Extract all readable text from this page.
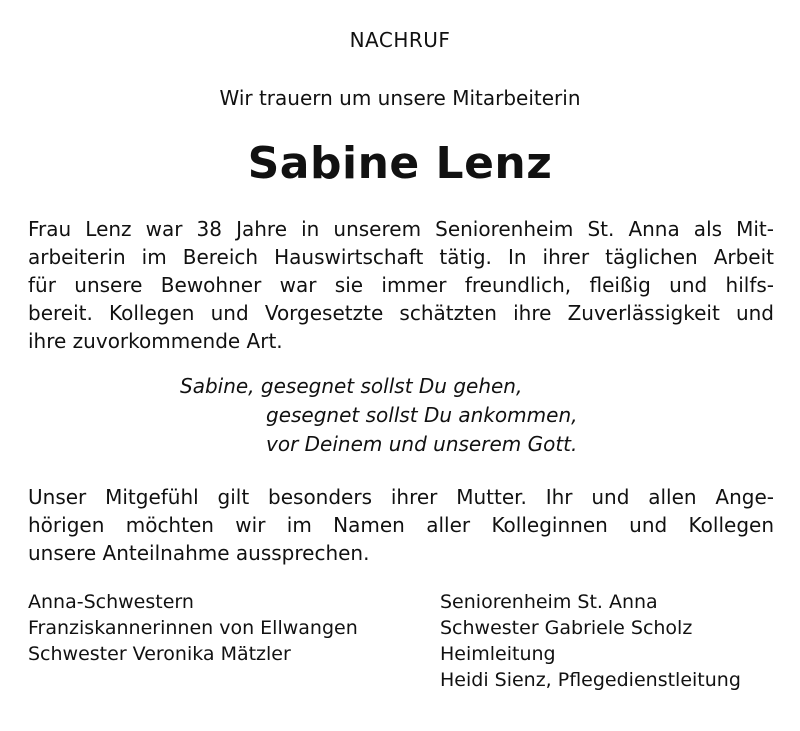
NACHRUF
Wir trauern um unsere Mitarbeiterin
Sabine Lenz
Frau Lenz war 38 Jahre in unserem Seniorenheim St. Anna als Mit-
arbeiterin im Bereich Hauswirtschaft tätig. In ihrer täglichen Arbeit
für unsere Bewohner war sie immer freundlich, fleißig und hilfs-
bereit. Kollegen und Vorgesetzte schätzten ihre Zuverlässigkeit und
ihre zuvorkommende Art.
Sabine, gesegnet sollst Du gehen,
gesegnet sollst Du ankommen,
vor Deinem und unserem Gott.
Unser Mitgefühl gilt besonders ihrer Mutter. Ihr und allen Ange-
hörigen möchten wir im Namen aller Kolleginnen und Kollegen
unsere Anteilnahme aussprechen.
Anna-Schwestern
Franziskannerinnen von Ellwangen
Schwester Veronika Mätzler
Seniorenheim St. Anna
Schwester Gabriele Scholz
Heimleitung
Heidi Sienz, Pflegedienstleitung
